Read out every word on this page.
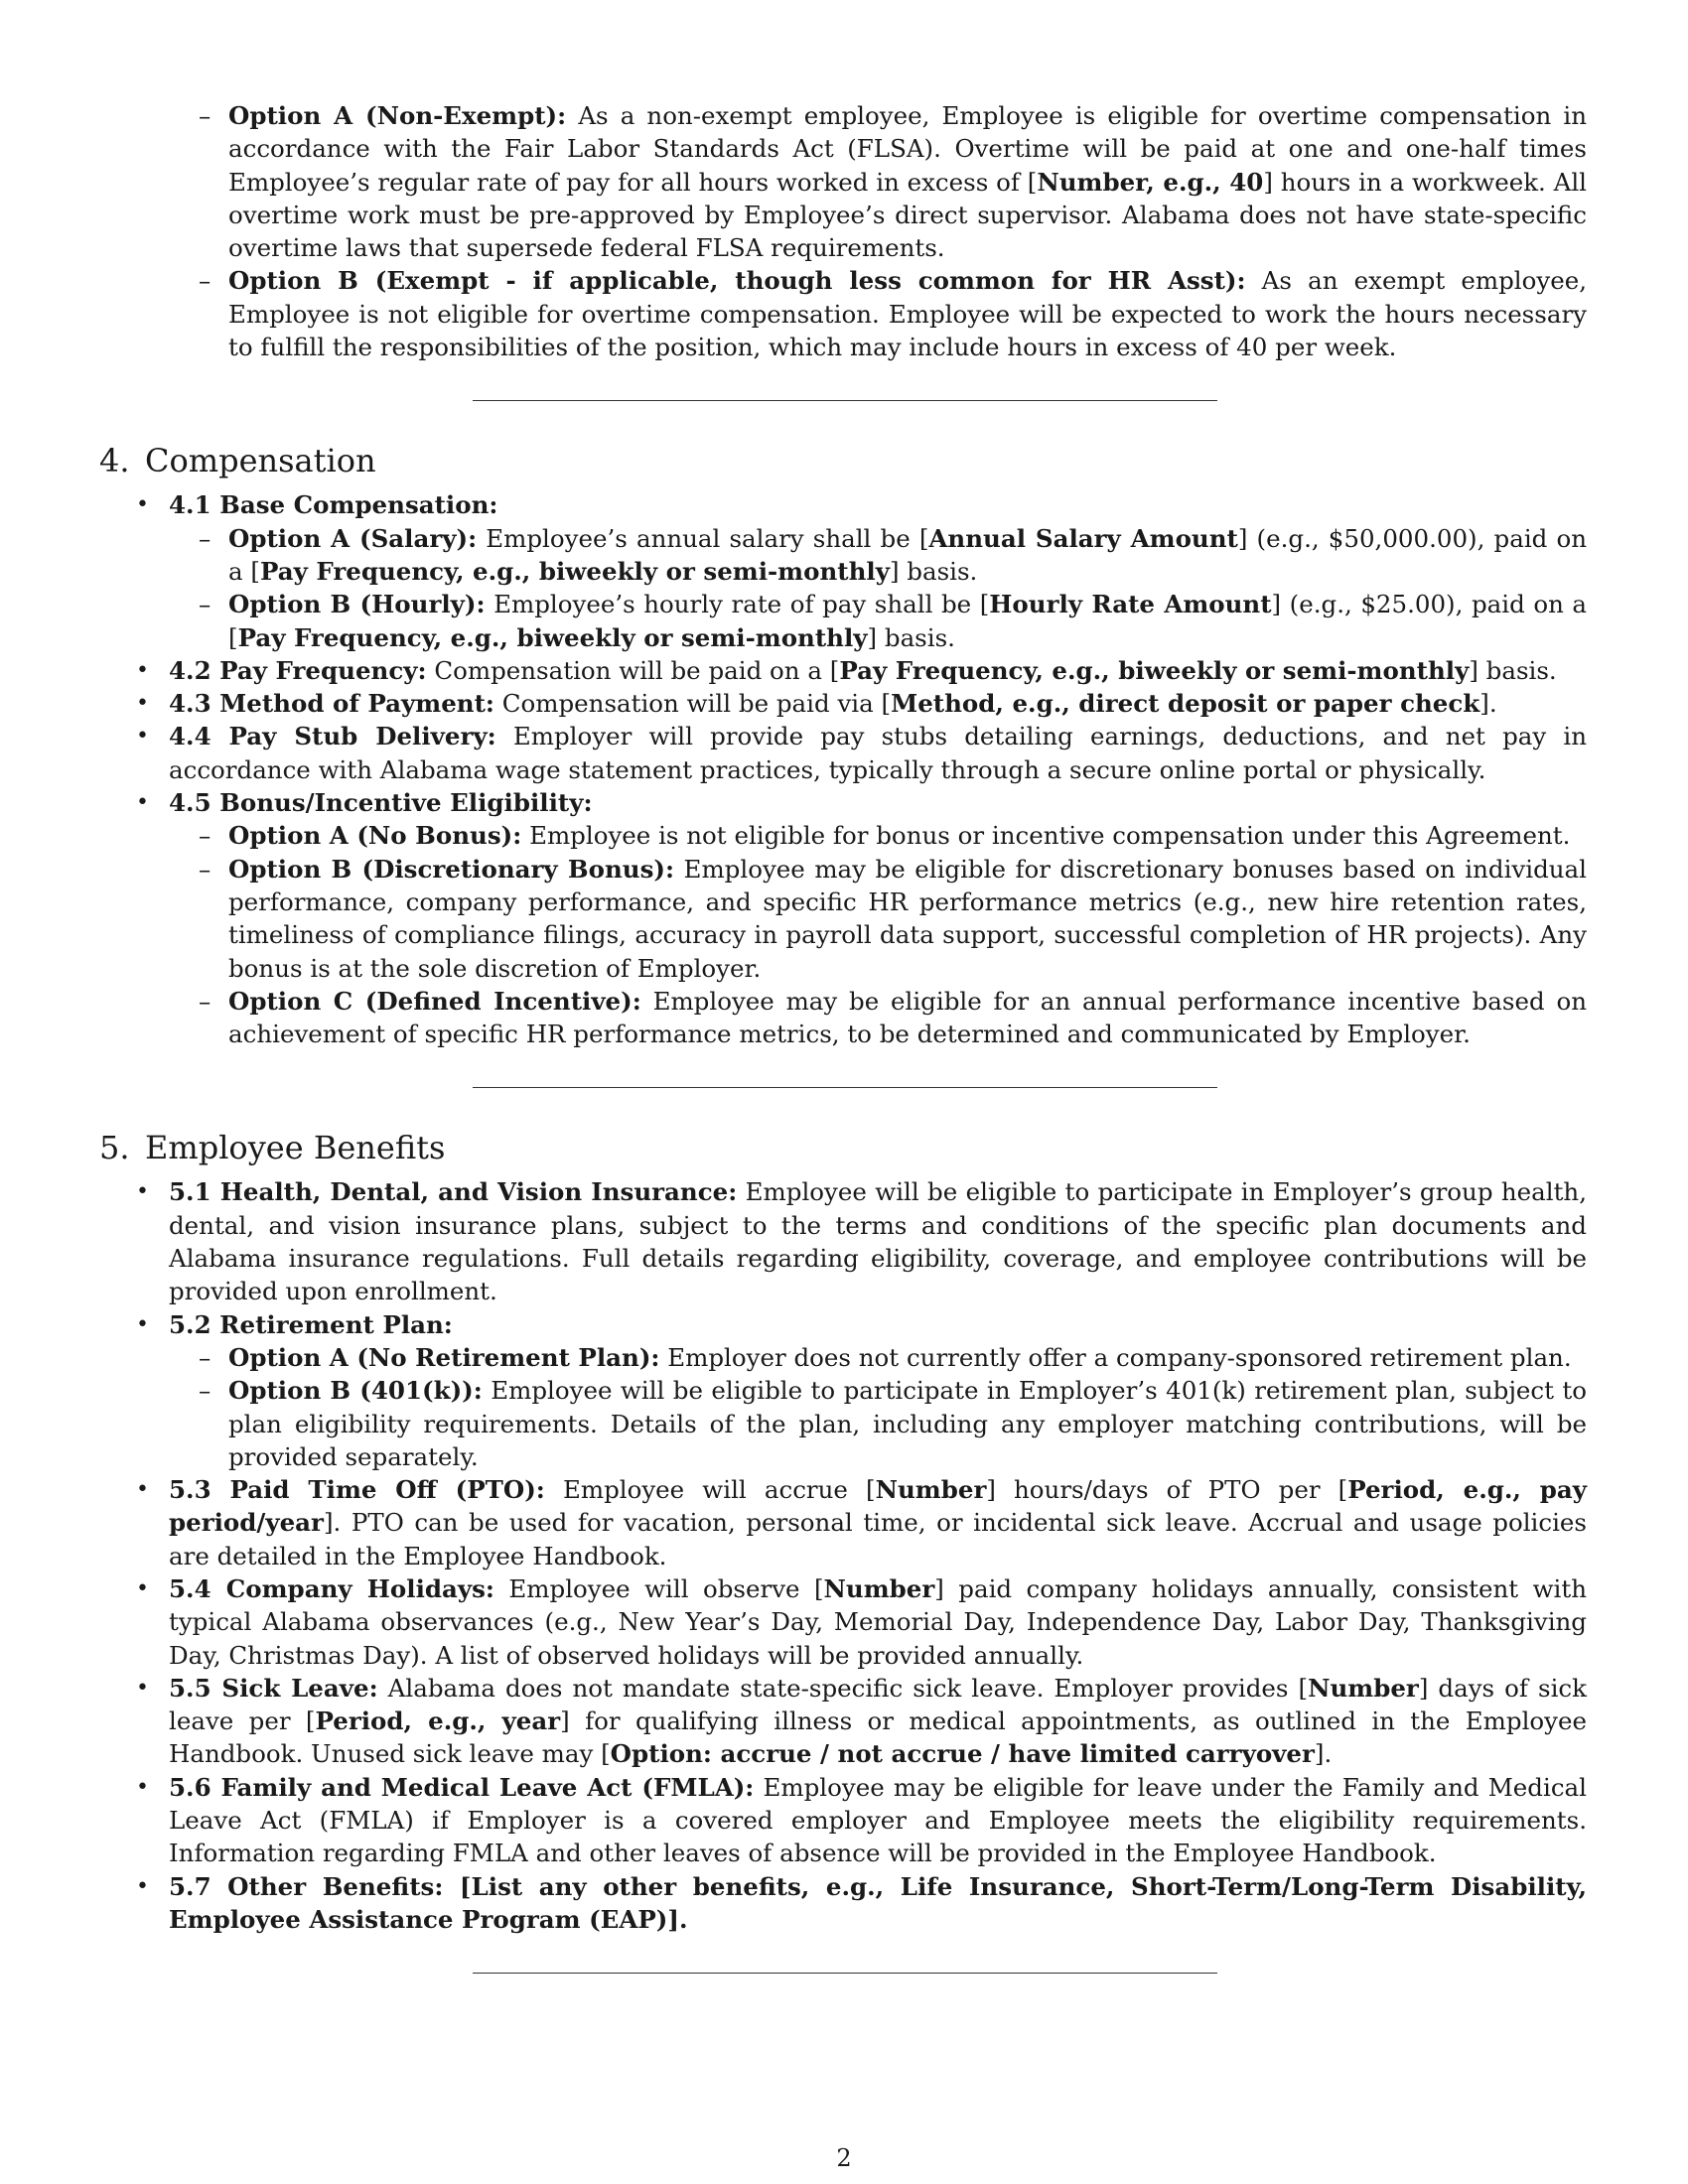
– Option A (Non-Exempt): As a non-exempt employee, Employee is eligible for overtime compensation in accordance with the Fair Labor Standards Act (FLSA). Overtime will be paid at one and one-half times Employee’s regular rate of pay for all hours worked in excess of [Number, e.g., 40] hours in a workweek. All overtime work must be pre-approved by Employee’s direct supervisor. Alabama does not have state-specific overtime laws that supersede federal FLSA requirements.
– Option B (Exempt - if applicable, though less common for HR Asst): As an exempt employee, Employee is not eligible for overtime compensation. Employee will be expected to work the hours necessary to fulfill the responsibilities of the position, which may include hours in excess of 40 per week.
4. Compensation
• 4.1 Base Compensation:
– Option A (Salary): Employee’s annual salary shall be [Annual Salary Amount] (e.g., $50,000.00), paid on a [Pay Frequency, e.g., biweekly or semi-monthly] basis.
– Option B (Hourly): Employee’s hourly rate of pay shall be [Hourly Rate Amount] (e.g., $25.00), paid on a [Pay Frequency, e.g., biweekly or semi-monthly] basis.
• 4.2 Pay Frequency: Compensation will be paid on a [Pay Frequency, e.g., biweekly or semi-monthly] basis.
• 4.3 Method of Payment: Compensation will be paid via [Method, e.g., direct deposit or paper check].
• 4.4 Pay Stub Delivery: Employer will provide pay stubs detailing earnings, deductions, and net pay in accordance with Alabama wage statement practices, typically through a secure online portal or physically.
• 4.5 Bonus/Incentive Eligibility:
– Option A (No Bonus): Employee is not eligible for bonus or incentive compensation under this Agreement.
– Option B (Discretionary Bonus): Employee may be eligible for discretionary bonuses based on individual performance, company performance, and specific HR performance metrics (e.g., new hire retention rates, timeliness of compliance filings, accuracy in payroll data support, successful completion of HR projects). Any bonus is at the sole discretion of Employer.
– Option C (Defined Incentive): Employee may be eligible for an annual performance incentive based on achievement of specific HR performance metrics, to be determined and communicated by Employer.
5. Employee Benefits
• 5.1 Health, Dental, and Vision Insurance: Employee will be eligible to participate in Employer’s group health, dental, and vision insurance plans, subject to the terms and conditions of the specific plan documents and Alabama insurance regulations. Full details regarding eligibility, coverage, and employee contributions will be provided upon enrollment.
• 5.2 Retirement Plan:
– Option A (No Retirement Plan): Employer does not currently offer a company-sponsored retirement plan.
– Option B (401(k)): Employee will be eligible to participate in Employer’s 401(k) retirement plan, subject to plan eligibility requirements. Details of the plan, including any employer matching contributions, will be provided separately.
• 5.3 Paid Time Off (PTO): Employee will accrue [Number] hours/days of PTO per [Period, e.g., pay period/year]. PTO can be used for vacation, personal time, or incidental sick leave. Accrual and usage policies are detailed in the Employee Handbook.
• 5.4 Company Holidays: Employee will observe [Number] paid company holidays annually, consistent with typical Alabama observances (e.g., New Year’s Day, Memorial Day, Independence Day, Labor Day, Thanksgiving Day, Christmas Day). A list of observed holidays will be provided annually.
• 5.5 Sick Leave: Alabama does not mandate state-specific sick leave. Employer provides [Number] days of sick leave per [Period, e.g., year] for qualifying illness or medical appointments, as outlined in the Employee Handbook. Unused sick leave may [Option: accrue / not accrue / have limited carryover].
• 5.6 Family and Medical Leave Act (FMLA): Employee may be eligible for leave under the Family and Medical Leave Act (FMLA) if Employer is a covered employer and Employee meets the eligibility requirements. Information regarding FMLA and other leaves of absence will be provided in the Employee Handbook.
• 5.7 Other Benefits: [List any other benefits, e.g., Life Insurance, Short-Term/Long-Term Disability, Employee Assistance Program (EAP)].
2
